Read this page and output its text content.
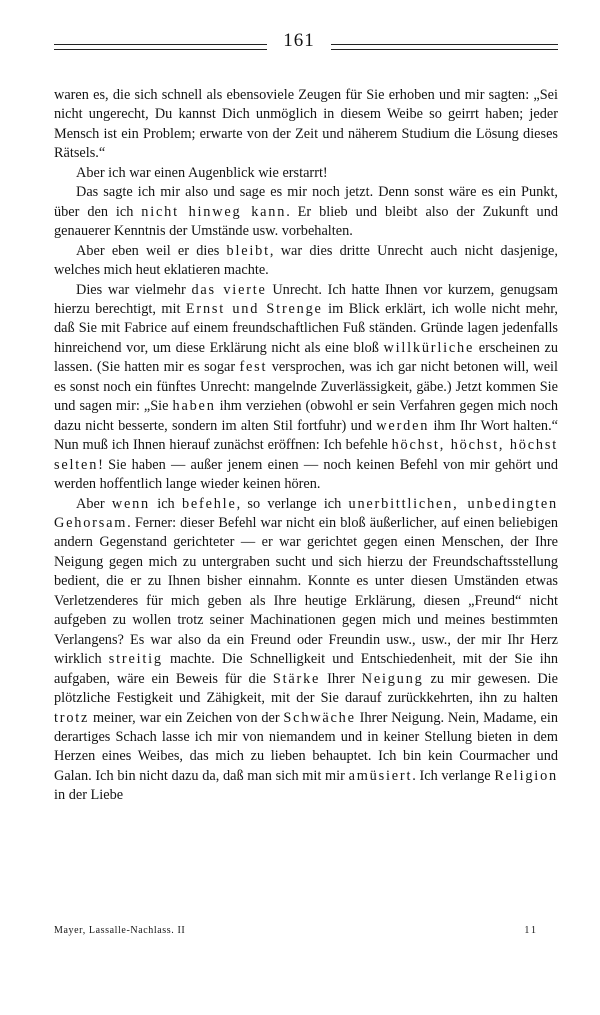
161

waren es, die sich schnell als ebensoviele Zeugen für Sie erhoben und mir sagten: „Sei nicht ungerecht, Du kannst Dich unmöglich in diesem Weibe so geirrt haben; jeder Mensch ist ein Problem; erwarte von der Zeit und näherem Studium die Lösung dieses Rätsels.“

Aber ich war einen Augenblick wie erstarrt!

Das sagte ich mir also und sage es mir noch jetzt. Denn sonst wäre es ein Punkt, über den ich nicht hinweg kann. Er blieb und bleibt also der Zukunft und genauerer Kenntnis der Umstände usw. vorbehalten.

Aber eben weil er dies bleibt, war dies dritte Unrecht auch nicht dasjenige, welches mich heut eklatieren machte.

Dies war vielmehr das vierte Unrecht. Ich hatte Ihnen vor kurzem, genugsam hierzu berechtigt, mit Ernst und Strenge im Blick erklärt, ich wolle nicht mehr, daß Sie mit Fabrice auf einem freundschaftlichen Fuß ständen. Gründe lagen jedenfalls hinreichend vor, um diese Erklärung nicht als eine bloß willkürliche erscheinen zu lassen. (Sie hatten mir es sogar fest versprochen, was ich gar nicht betonen will, weil es sonst noch ein fünftes Unrecht: mangelnde Zuverlässigkeit, gäbe.) Jetzt kommen Sie und sagen mir: „Sie haben ihm verziehen (obwohl er sein Verfahren gegen mich noch dazu nicht besserte, sondern im alten Stil fortfuhr) und werden ihm Ihr Wort halten.“ Nun muß ich Ihnen hierauf zunächst eröffnen: Ich befehle höchst, höchst, höchst selten! Sie haben — außer jenem einen — noch keinen Befehl von mir gehört und werden hoffentlich lange wieder keinen hören.

Aber wenn ich befehle, so verlange ich unerbittlichen, unbedingten Gehorsam. Ferner: dieser Befehl war nicht ein bloß äußerlicher, auf einen beliebigen andern Gegenstand gerichteter — er war gerichtet gegen einen Menschen, der Ihre Neigung gegen mich zu untergraben sucht und sich hierzu der Freundschaftsstellung bedient, die er zu Ihnen bisher einnahm. Konnte es unter diesen Umständen etwas Verletzenderes für mich geben als Ihre heutige Erklärung, diesen „Freund“ nicht aufgeben zu wollen trotz seiner Machinationen gegen mich und meines bestimmten Verlangens? Es war also da ein Freund oder Freundin usw., usw., der mir Ihr Herz wirklich streitig machte. Die Schnelligkeit und Entschiedenheit, mit der Sie ihn aufgaben, wäre ein Beweis für die Stärke Ihrer Neigung zu mir gewesen. Die plötzliche Festigkeit und Zähigkeit, mit der Sie darauf zurückkehrten, ihn zu halten trotz meiner, war ein Zeichen von der Schwäche Ihrer Neigung. Nein, Madame, ein derartiges Schach lasse ich mir von niemandem und in keiner Stellung bieten in dem Herzen eines Weibes, das mich zu lieben behauptet. Ich bin kein Courmacher und Galan. Ich bin nicht dazu da, daß man sich mit mir amüsiert. Ich verlange Religion in der Liebe

Mayer, Lassalle-Nachlass. II	11
